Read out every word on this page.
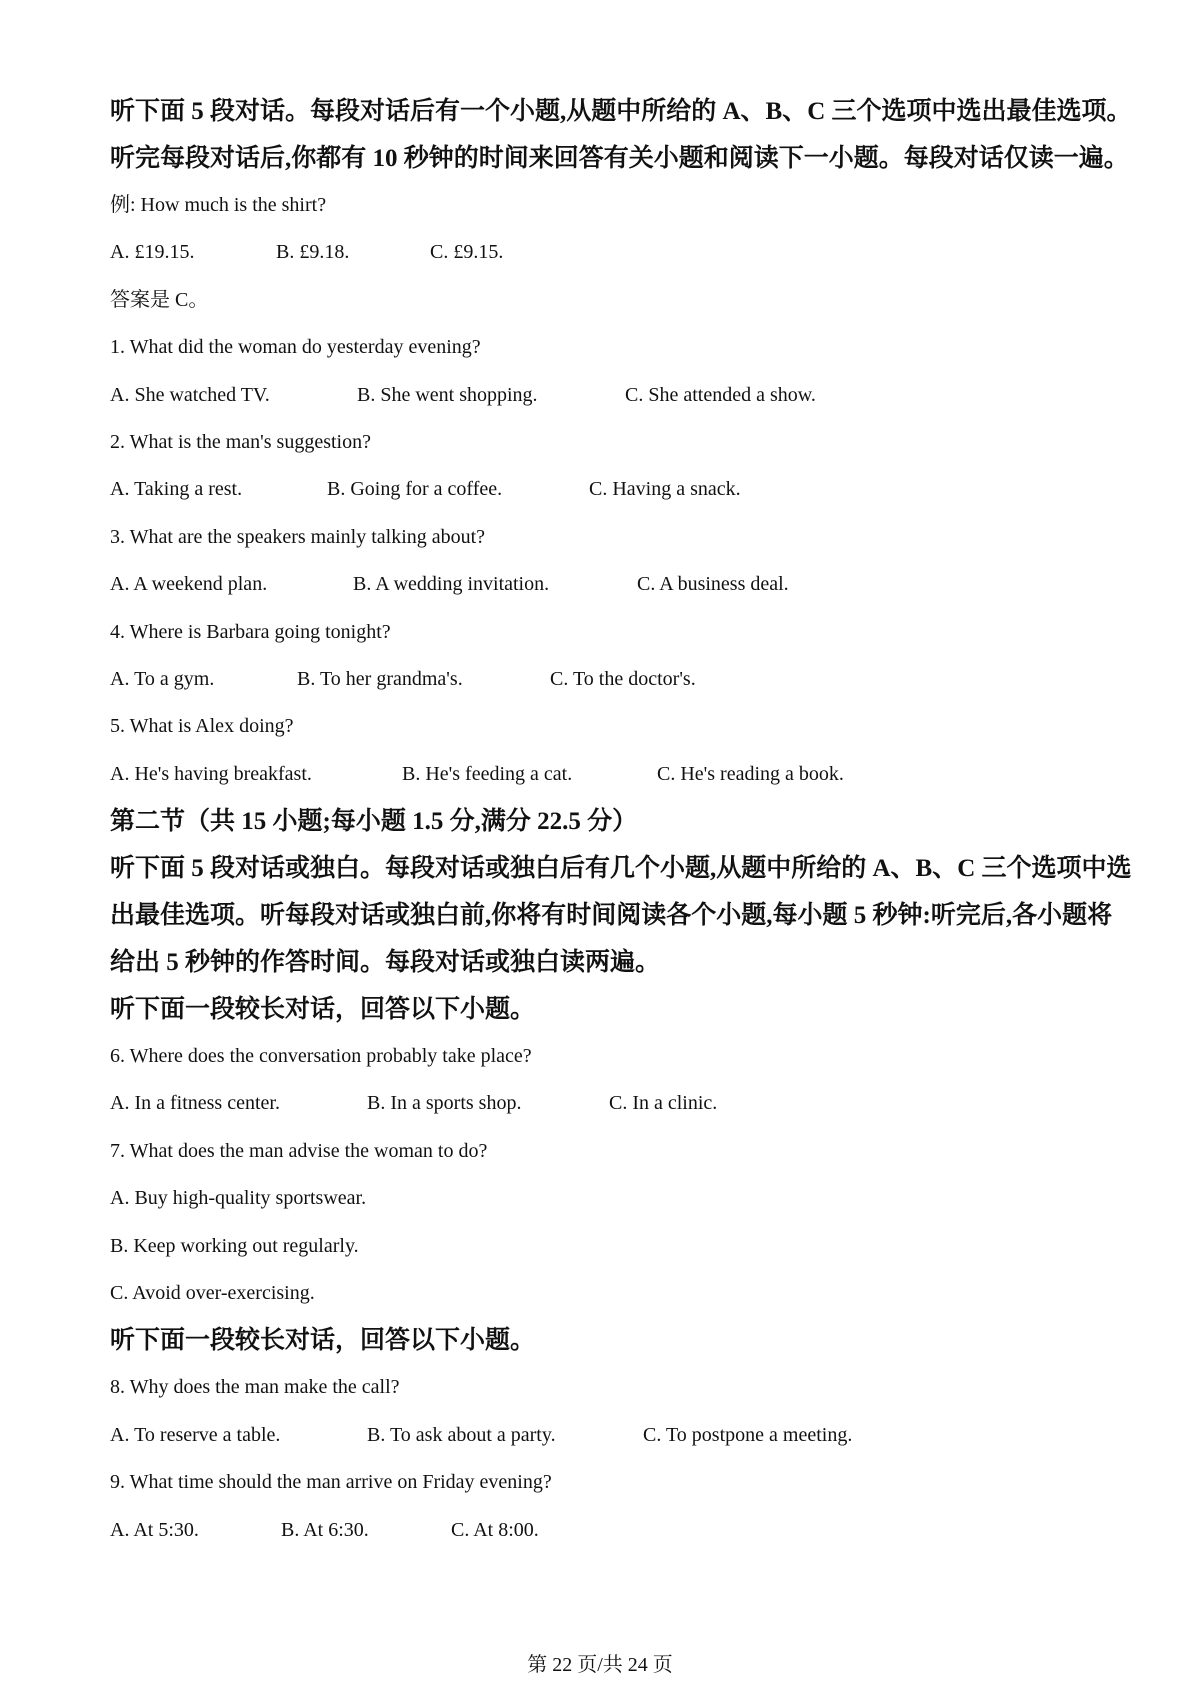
听下面 5 段对话。每段对话后有一个小题,从题中所给的 A、B、C 三个选项中选出最佳选项。
听完每段对话后,你都有 10 秒钟的时间来回答有关小题和阅读下一小题。每段对话仅读一遍。
例: How much is the shirt?
A. £19.15.	B. £9.18.	C. £9.15.
答案是 C。
1. What did the woman do yesterday evening?
A. She watched TV.	B. She went shopping.	C. She attended a show.
2. What is the man's suggestion?
A. Taking a rest.	B. Going for a coffee.	C. Having a snack.
3. What are the speakers mainly talking about?
A. A weekend plan.	B. A wedding invitation.	C. A business deal.
4. Where is Barbara going tonight?
A. To a gym.	B. To her grandma's.	C. To the doctor's.
5. What is Alex doing?
A. He's having breakfast.	B. He's feeding a cat.	C. He's reading a book.
第二节（共 15 小题;每小题 1.5 分,满分 22.5 分）
听下面 5 段对话或独白。每段对话或独白后有几个小题,从题中所给的 A、B、C 三个选项中选
出最佳选项。听每段对话或独白前,你将有时间阅读各个小题,每小题 5 秒钟:听完后,各小题将
给出 5 秒钟的作答时间。每段对话或独白读两遍。
听下面一段较长对话，回答以下小题。
6. Where does the conversation probably take place?
A. In a fitness center.	B. In a sports shop.	C. In a clinic.
7. What does the man advise the woman to do?
A. Buy high-quality sportswear.
B. Keep working out regularly.
C. Avoid over-exercising.
听下面一段较长对话，回答以下小题。
8. Why does the man make the call?
A. To reserve a table.	B. To ask about a party.	C. To postpone a meeting.
9. What time should the man arrive on Friday evening?
A. At 5:30.	B. At 6:30.	C. At 8:00.
第 22 页/共 24 页
